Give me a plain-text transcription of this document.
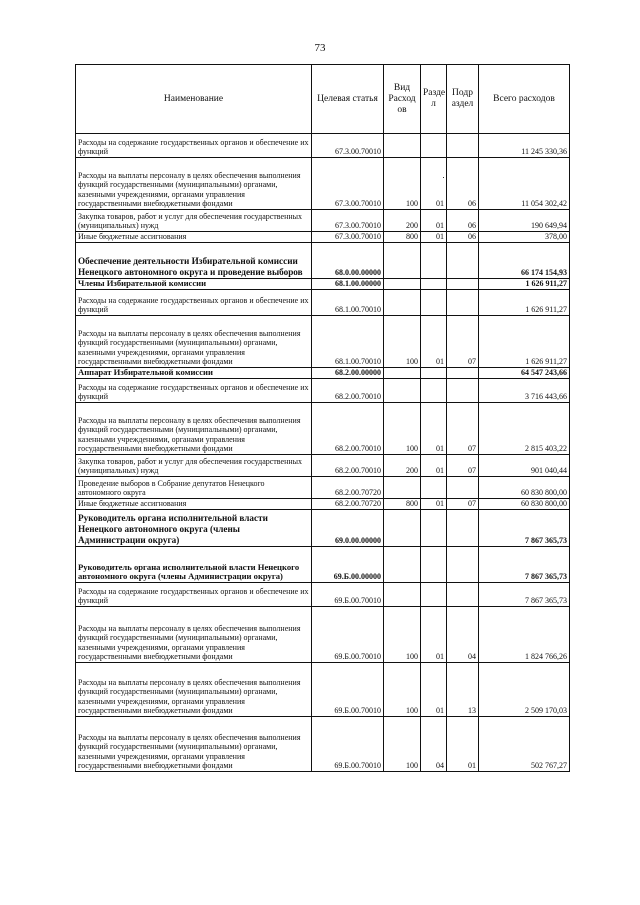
73
Наименование	Целевая статья	Вид Расход ов	Разде л	Подр аздел	Всего расходов
Расходы на содержание государственных органов и обеспечение их функций	67.3.00.70010				11 245 330,36
Расходы на выплаты персоналу в целях обеспечения выполнения функций государственными (муниципальными) органами, казенными учреждениями, органами управления государственными внебюджетными фондами	67.3.00.70010	100	01	06	11 054 302,42
Закупка товаров, работ и услуг для обеспечения государственных (муниципальных) нужд	67.3.00.70010	200	01	06	190 649,94
Иные бюджетные ассигнования	67.3.00.70010	800	01	06	378,00
Обеспечение деятельности Избирательной комиссии Ненецкого автономного округа и проведение выборов	68.0.00.00000				66 174 154,93
Члены Избирательной комиссии	68.1.00.00000				1 626 911,27
Расходы на содержание государственных органов и обеспечение их функций	68.1.00.70010				1 626 911,27
Расходы на выплаты персоналу в целях обеспечения выполнения функций государственными (муниципальными) органами, казенными учреждениями, органами управления государственными внебюджетными фондами	68.1.00.70010	100	01	07	1 626 911,27
Аппарат Избирательной комиссии	68.2.00.00000				64 547 243,66
Расходы на содержание государственных органов и обеспечение их функций	68.2.00.70010				3 716 443,66
Расходы на выплаты персоналу в целях обеспечения выполнения функций государственными (муниципальными) органами, казенными учреждениями, органами управления государственными внебюджетными фондами	68.2.00.70010	100	01	07	2 815 403,22
Закупка товаров, работ и услуг для обеспечения государственных (муниципальных) нужд	68.2.00.70010	200	01	07	901 040,44
Проведение выборов в Собрание депутатов Ненецкого автономного округа	68.2.00.70720				60 830 800,00
Иные бюджетные ассигнования	68.2.00.70720	800	01	07	60 830 800,00
Руководитель органа исполнительной власти Ненецкого автономного округа (члены Администрации округа)	69.0.00.00000				7 867 365,73
Руководитель органа исполнительной власти Ненецкого автономного округа (члены Администрации округа)	69.Б.00.00000				7 867 365,73
Расходы на содержание государственных органов и обеспечение их функций	69.Б.00.70010				7 867 365,73
Расходы на выплаты персоналу в целях обеспечения выполнения функций государственными (муниципальными) органами, казенными учреждениями, органами управления государственными внебюджетными фондами	69.Б.00.70010	100	01	04	1 824 766,26
Расходы на выплаты персоналу в целях обеспечения выполнения функций государственными (муниципальными) органами, казенными учреждениями, органами управления государственными внебюджетными фондами	69.Б.00.70010	100	01	13	2 509 170,03
Расходы на выплаты персоналу в целях обеспечения выполнения функций государственными (муниципальными) органами, казенными учреждениями, органами управления государственными внебюджетными фондами	69.Б.00.70010	100	04	01	502 767,27
